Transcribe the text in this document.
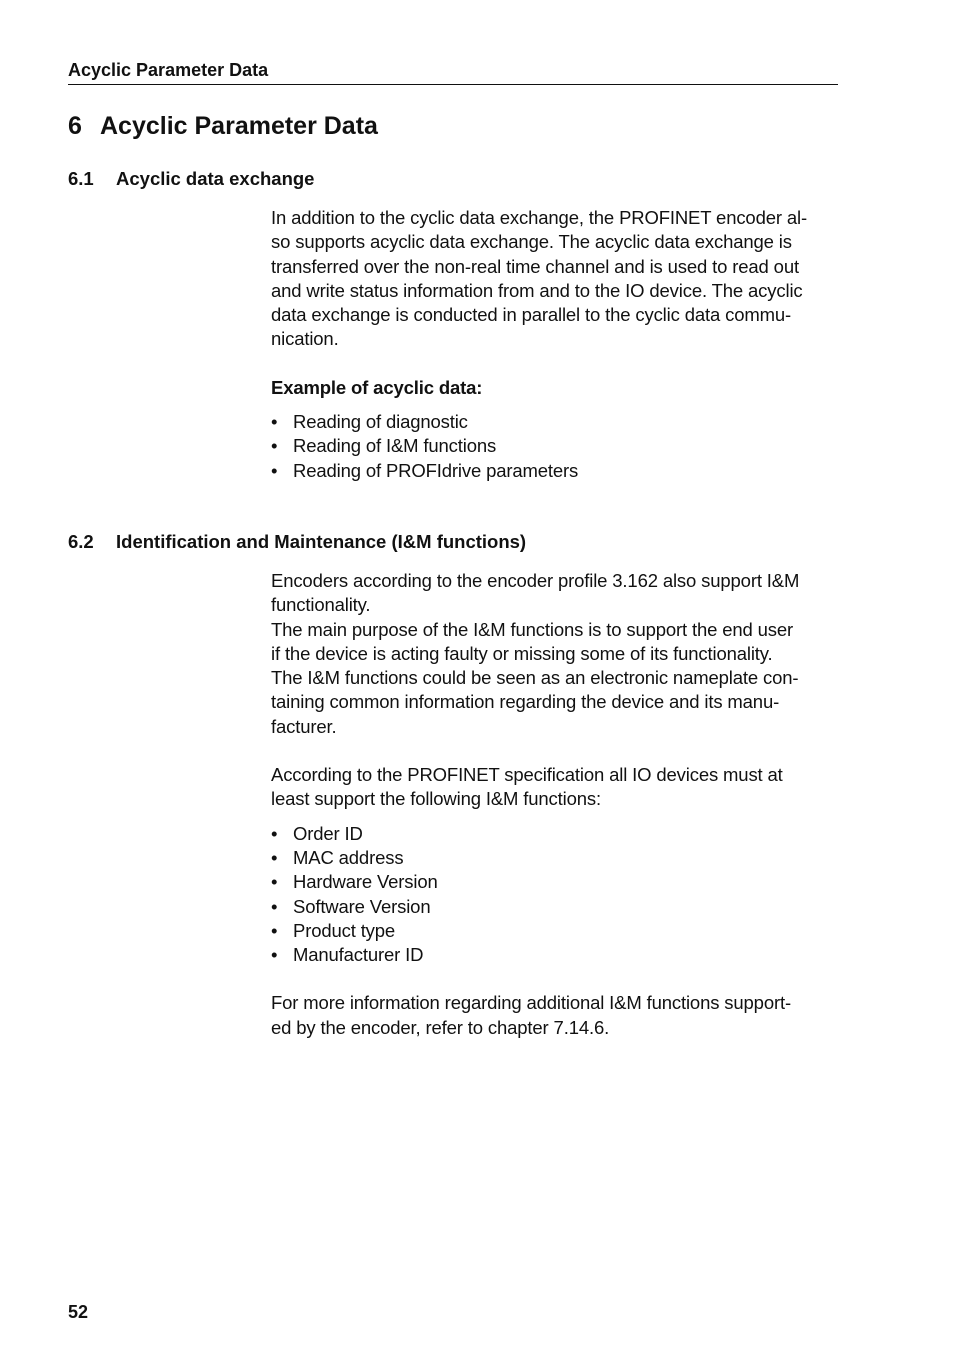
Acyclic Parameter Data
6 Acyclic Parameter Data
6.1 Acyclic data exchange

In addition to the cyclic data exchange, the PROFINET encoder al-
so supports acyclic data exchange. The acyclic data exchange is
transferred over the non-real time channel and is used to read out
and write status information from and to the IO device. The acyclic
data exchange is conducted in parallel to the cyclic data commu-
nication.

Example of acyclic data:

• Reading of diagnostic
• Reading of I&M functions
• Reading of PROFIdrive parameters
6.2 Identification and Maintenance (I&M functions)

Encoders according to the encoder profile 3.162 also support I&M
functionality.
The main purpose of the I&M functions is to support the end user
if the device is acting faulty or missing some of its functionality.
The I&M functions could be seen as an electronic nameplate con-
taining common information regarding the device and its manu-
facturer.

According to the PROFINET specification all IO devices must at
least support the following I&M functions:

• Order ID
• MAC address
• Hardware Version
• Software Version
• Product type
• Manufacturer ID

For more information regarding additional I&M functions support-
ed by the encoder, refer to chapter 7.14.6.

52
